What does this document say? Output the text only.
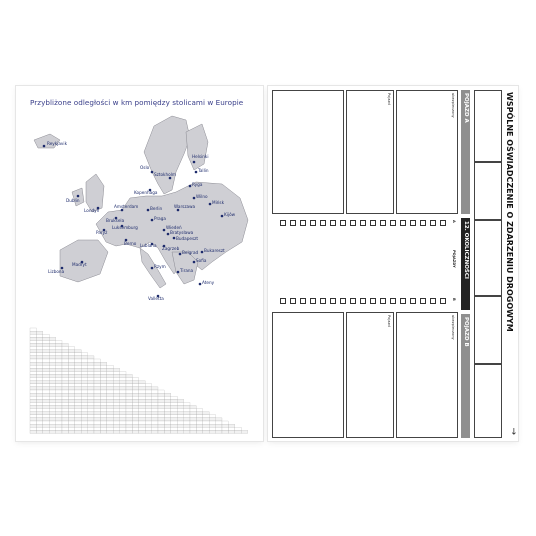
Przybliżone odległości w km pomiędzy stolicami w Europie
Reykjavik
Oslo
Helsinki
Sztokholm
Tallin
Ryga
Kopenhaga
Wilno
Dublin	Mińsk
Londyn
Amsterdam	Berlin	Warszawa
Bruksela
Luksemburg
Praga
Paryż
Kijów
Wiedeń
Bratysława
Budapeszt
Berno Lublana
Zagrzeb	Bukareszt
Belgrad
Sofia
Lizbona
Madryt	Rzym
Tirana
Ateny
Valletta	WSPÓLNE OŚWIADCZENIE O ZDARZENIU DROGOWYM
→
POJAZD A
ubezpieczony
Pojazd
12. OKOLICZNOŚCI
A
POJAZDY
B
POJAZD B
ubezpieczony
Pojazd
